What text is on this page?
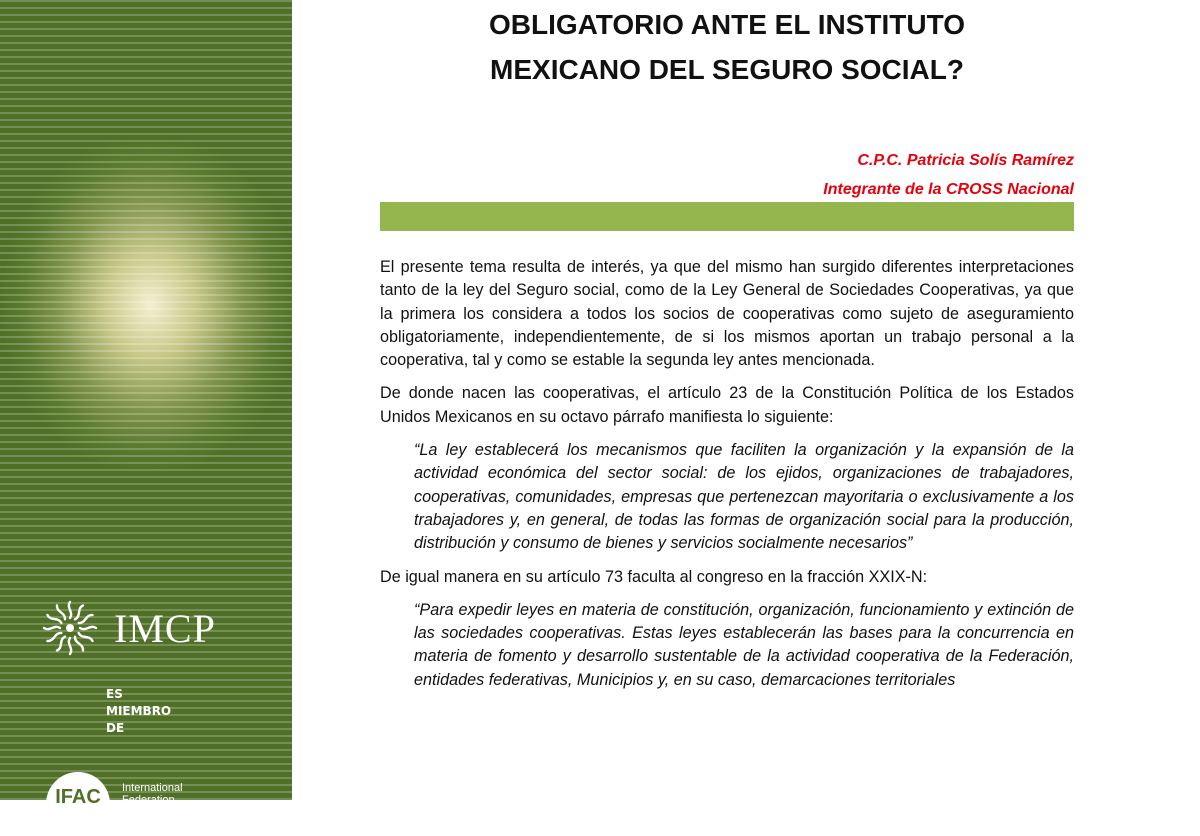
IMCP
ES
MIEMBRO
DE
IFAC	International
Federation
of Accountants
OBLIGATORIO ANTE EL INSTITUTO
MEXICANO DEL SEGURO SOCIAL?
C.P.C. Patricia Solís Ramírez
Integrante de la CROSS Nacional

El presente tema resulta de interés, ya que del mismo han surgido diferentes interpretaciones tanto de la ley del Seguro social, como de la Ley General de Sociedades Cooperativas, ya que la primera los considera a todos los socios de cooperativas como sujeto de aseguramiento obligatoriamente, independientemente, de si los mismos aportan un trabajo personal a la cooperativa, tal y como se estable la segunda ley antes mencionada.

De donde nacen las cooperativas, el artículo 23 de la Constitución Política de los Estados Unidos Mexicanos en su octavo párrafo manifiesta lo siguiente:

“La ley establecerá los mecanismos que faciliten la organización y la expansión de la actividad económica del sector social: de los ejidos, organizaciones de trabajadores, cooperativas, comunidades, empresas que pertenezcan mayoritaria o exclusivamente a los trabajadores y, en general, de todas las formas de organización social para la producción, distribución y consumo de bienes y servicios socialmente necesarios”

De igual manera en su artículo 73 faculta al congreso en la fracción XXIX-N:

“Para expedir leyes en materia de constitución, organización, funcionamiento y extinción de las sociedades cooperativas. Estas leyes establecerán las bases para la concurrencia en materia de fomento y desarrollo sustentable de la actividad cooperativa de la Federación, entidades federativas, Municipios y, en su caso, demarcaciones territoriales
